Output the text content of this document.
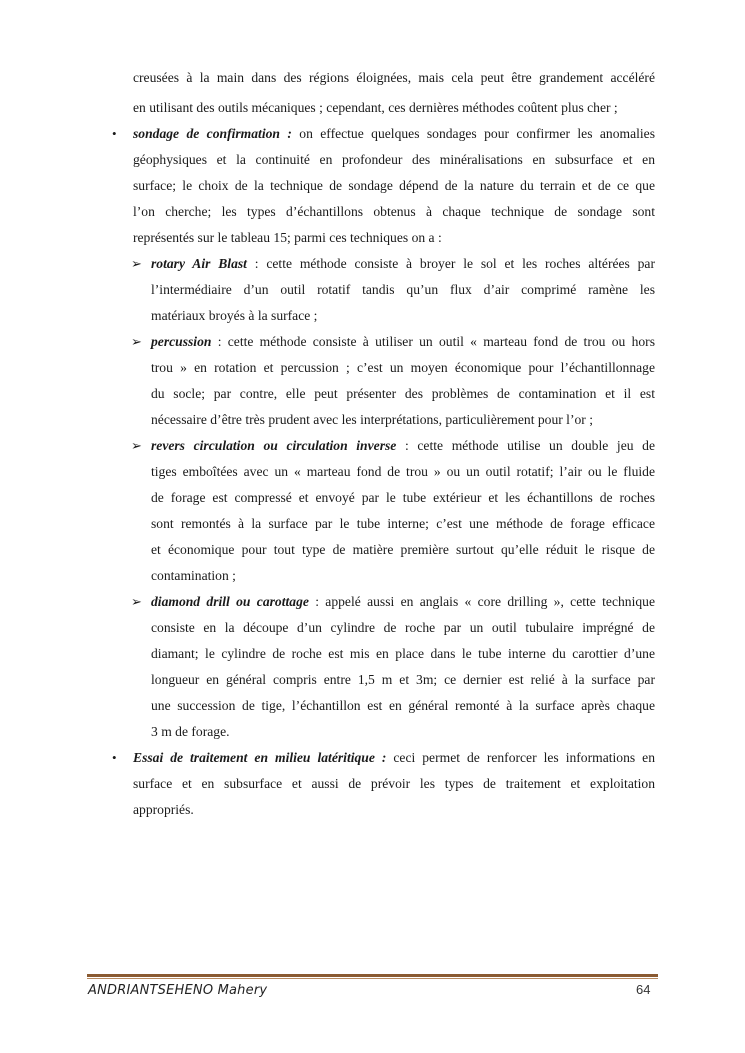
creusées à la main dans des régions éloignées, mais cela peut être grandement accéléré
en utilisant des outils mécaniques ; cependant, ces dernières méthodes coûtent plus cher ;
• sondage de confirmation : on effectue quelques sondages pour confirmer les anomalies
géophysiques et la continuité en profondeur des minéralisations en subsurface et en
surface; le choix de la technique de sondage dépend de la nature du terrain et de ce que
l’on cherche; les types d’échantillons obtenus à chaque technique de sondage sont
représentés sur le tableau 15; parmi ces techniques on a :
➢ rotary Air Blast : cette méthode consiste à broyer le sol et les roches altérées par
l’intermédiaire d’un outil rotatif tandis qu’un flux d’air comprimé ramène les
matériaux broyés à la surface ;
➢ percussion : cette méthode consiste à utiliser un outil « marteau fond de trou ou hors
trou » en rotation et percussion ; c’est un moyen économique pour l’échantillonnage
du socle; par contre, elle peut présenter des problèmes de contamination et il est
nécessaire d’être très prudent avec les interprétations, particulièrement pour l’or ;
➢ revers circulation ou circulation inverse : cette méthode utilise un double jeu de
tiges emboîtées avec un « marteau fond de trou » ou un outil rotatif; l’air ou le fluide
de forage est compressé et envoyé par le tube extérieur et les échantillons de roches
sont remontés à la surface par le tube interne; c’est une méthode de forage efficace
et économique pour tout type de matière première surtout qu’elle réduit le risque de
contamination ;
➢ diamond drill ou carottage : appelé aussi en anglais « core drilling », cette technique
consiste en la découpe d’un cylindre de roche par un outil tubulaire imprégné de
diamant; le cylindre de roche est mis en place dans le tube interne du carottier d’une
longueur en général compris entre 1,5 m et 3m; ce dernier est relié à la surface par
une succession de tige, l’échantillon est en général remonté à la surface après chaque
3 m de forage.
• Essai de traitement en milieu latéritique : ceci permet de renforcer les informations en
surface et en subsurface et aussi de prévoir les types de traitement et exploitation
appropriés.
ANDRIANTSEHENO Mahery	64
